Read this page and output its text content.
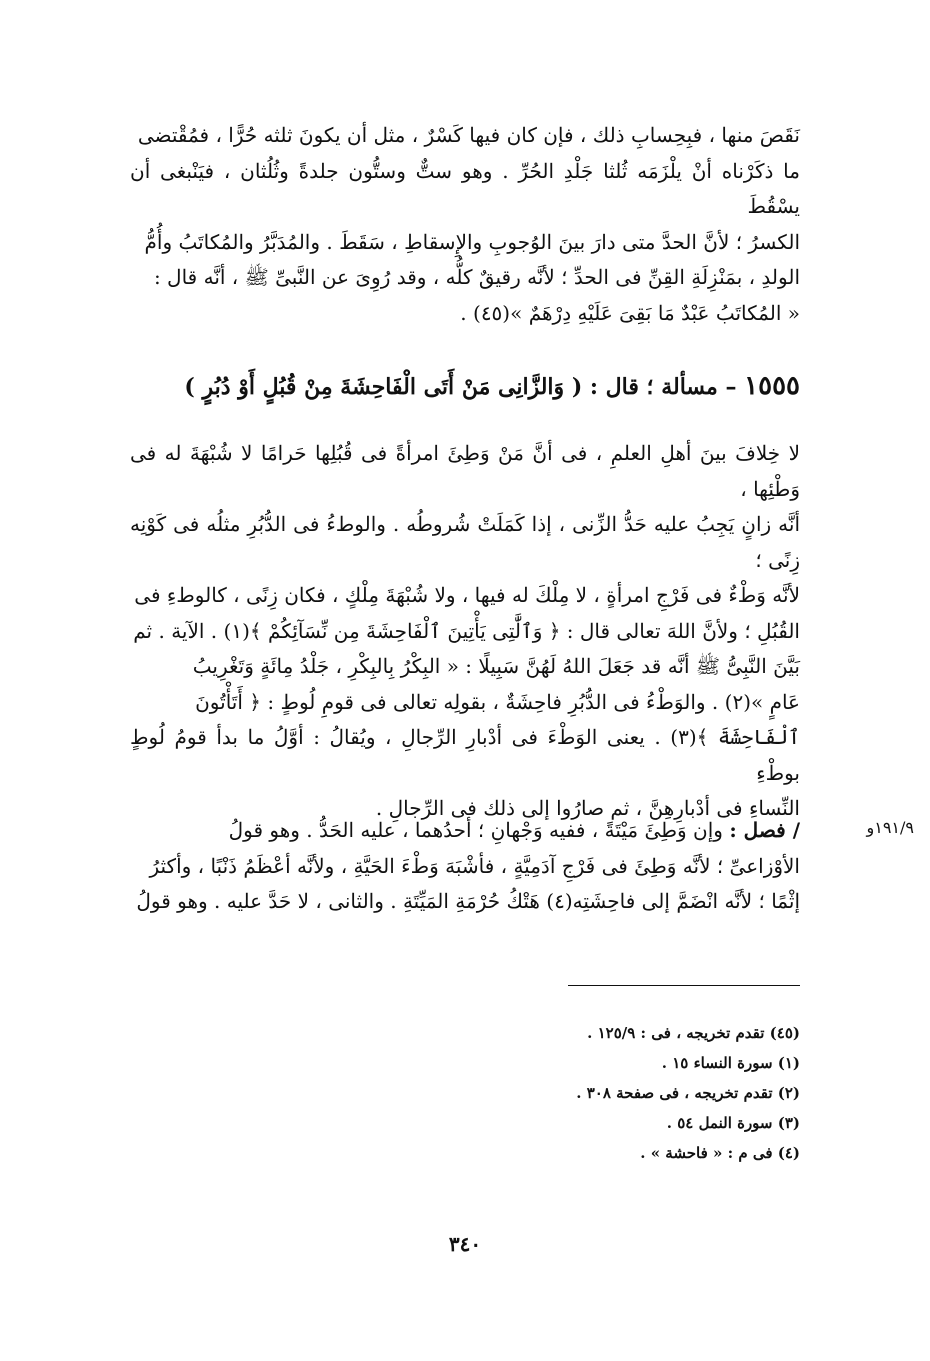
نَقَصَ منها ، فبِحِسابِ ذلك ، فإن كان فيها كَسْرٌ ، مثل أن يكونَ ثلثه حُرًّا ، فمُقْتضى

ما ذكَرْناه أنْ يلْزَمَه ثُلثا جَلْدِ الحُرِّ . وهو ستٌّ وستُّون جلدةً وثُلُثان ، فيَنْبغى أن يسْقُطَ

الكسرُ ؛ لأنَّ الحدَّ متى دارَ بينَ الوُجوبِ والإِسقاطِ ، سَقَطَ . والمُدَبَّرُ والمُكاتَبُ وأُمُّ

الولدِ ، بمَنْزِلَةِ القِنِّ فى الحدِّ ؛ لأنَّه رقيقٌ كلُّه ، وقد رُوِىَ عن النَّبىِّ ﷺ ، أنَّه قال :

« المُكاتَبُ عَبْدٌ مَا بَقِىَ عَلَيْهِ دِرْهَمٌ »(٤٥) .

١٥٥٥ – مسألة ؛ قال : ( وَالزَّانِى مَنْ أَتَى الْفَاحِشَةَ مِنْ قُبُلٍ أَوْ دُبُرٍ )

لا خِلافَ بينَ أهلِ العلمِ ، فى أنَّ مَنْ وَطِئَ امرأةً فى قُبُلِها حَرامًا لا شُبْهَةَ له فى وَطْئِها ،

أنَّه زانٍ يَجِبُ عليه حَدُّ الزِّنى ، إذا كَمَلَتْ شُروطُه . والوطءُ فى الدُّبُرِ مثلُه فى كَوْنِه زِنًى ؛

لأنَّه وَطْءٌ فى فَرْجِ امرأةٍ ، لا مِلْكَ له فيها ، ولا شُبْهَةَ مِلْكٍ ، فكان زِنًى ، كالوطءِ فى

القُبُلِ ؛ ولأنَّ اللهَ تعالى قال : ﴿ وَٱلَّٰتِى يَأْتِينَ ٱلْفَاحِشَةَ مِن نِّسَآئِكُمْ ﴾(١) . الآية . ثم

بَيَّنَ النَّبِىُّ ﷺ أنَّه قد جَعَلَ اللهُ لَهُنَّ سَبِيلًا : « البِكْرُ بِالبِكْرِ ، جَلْدُ مِائَةٍ وَتَغْرِيبُ

عَامٍ »(٢) . والوَطْءُ فى الدُّبُرِ فاحِشَةٌ ، بقولِه تعالى فى قومِ لُوطٍ : ﴿ أَتَأْتُونَ

ٱلْفَاحِشَةَ ﴾(٣) . يعنى الوَطْءَ فى أدْبارِ الرِّجالِ ، ويُقالُ : أوَّلُ ما بدأ قومُ لُوطٍ بوطْءِ

النِّساءِ فى أدْبارِهِنَّ ، ثم صارُوا إلى ذلك فى الرِّجالِ .

١٩١/٩و

/ فصل : وإن وَطِئَ مَيْتَةً ، ففيه وَجْهانِ ؛ أحدُهما ، عليه الحَدُّ . وهو قولُ

الأوْزاعىِّ ؛ لأنَّه وَطِئَ فى فَرْجِ آدَمِيَّةٍ ، فأشْبَهَ وَطْءَ الحَيَّةِ ، ولأنَّه أعْظَمُ ذَنْبًا ، وأكثرُ

إثْمًا ؛ لأنَّه انْضَمَّ إلى فاحِشَتِه(٤) هَتْكُ حُرْمَةِ المَيِّتَةِ . والثانى ، لا حَدَّ عليه . وهو قولُ

(٤٥) تقدم تخريجه ، فى : ١٢٥/٩ .
(١) سورة النساء ١٥ .
(٢) تقدم تخريجه ، فى صفحة ٣٠٨ .
(٣) سورة النمل ٥٤ .
(٤) فى م : « فاحشة » .
٣٤٠
